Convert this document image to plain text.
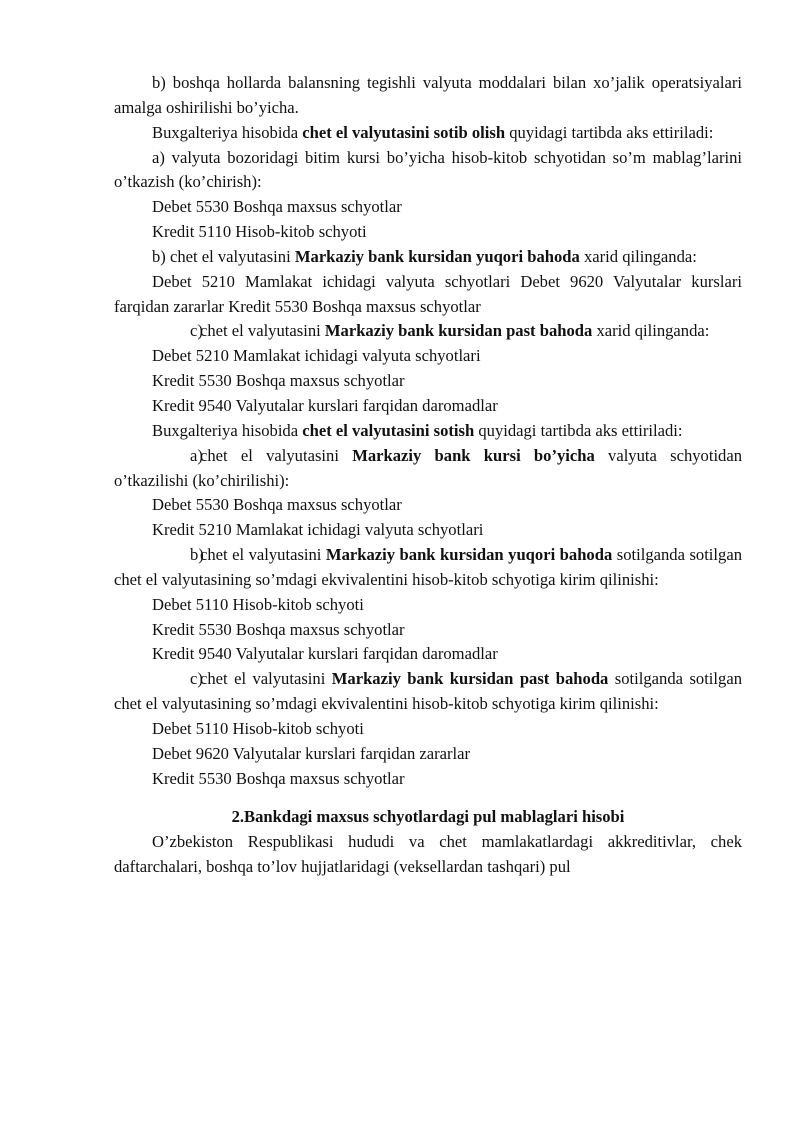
b) boshqa hollarda balansning tegishli valyuta moddalari bilan xo’jalik operatsiyalari amalga oshirilishi bo’yicha.

Buxgalteriya hisobida chet el valyutasini sotib olish quyidagi tartibda aks ettiriladi:

a) valyuta bozoridagi bitim kursi bo’yicha hisob-kitob schyotidan so’m mablag’larini o’tkazish (ko’chirish):

Debet 5530 Boshqa maxsus schyotlar

Kredit 5110 Hisob-kitob schyoti

b) chet el valyutasini Markaziy bank kursidan yuqori bahoda xarid qilinganda:

Debet 5210 Mamlakat ichidagi valyuta schyotlari Debet 9620 Valyutalar kurslari farqidan zararlar Kredit 5530 Boshqa maxsus schyotlar

c)chet el valyutasini Markaziy bank kursidan past bahoda xarid qilinganda:

Debet 5210 Mamlakat ichidagi valyuta schyotlari

Kredit 5530 Boshqa maxsus schyotlar

Kredit 9540 Valyutalar kurslari farqidan daromadlar

Buxgalteriya hisobida chet el valyutasini sotish quyidagi tartibda aks ettiriladi:

a)chet el valyutasini Markaziy bank kursi bo’yicha valyuta schyotidan o’tkazilishi (ko’chirilishi):

Debet 5530 Boshqa maxsus schyotlar

Kredit 5210 Mamlakat ichidagi valyuta schyotlari

b)chet el valyutasini Markaziy bank kursidan yuqori bahoda sotilganda sotilgan chet el valyutasining so’mdagi ekvivalentini hisob-kitob schyotiga kirim qilinishi:

Debet 5110 Hisob-kitob schyoti

Kredit 5530 Boshqa maxsus schyotlar

Kredit 9540 Valyutalar kurslari farqidan daromadlar

c)chet el valyutasini Markaziy bank kursidan past bahoda sotilganda sotilgan chet el valyutasining so’mdagi ekvivalentini hisob-kitob schyotiga kirim qilinishi:

Debet 5110 Hisob-kitob schyoti

Debet 9620 Valyutalar kurslari farqidan zararlar

Kredit 5530 Boshqa maxsus schyotlar

2.Bankdagi maxsus schyotlardagi pul mablaglari hisobi

O’zbekiston Respublikasi hududi va chet mamlakatlardagi akkreditivlar, chek daftarchalari, boshqa to’lov hujjatlaridagi (veksellardan tashqari) pul
